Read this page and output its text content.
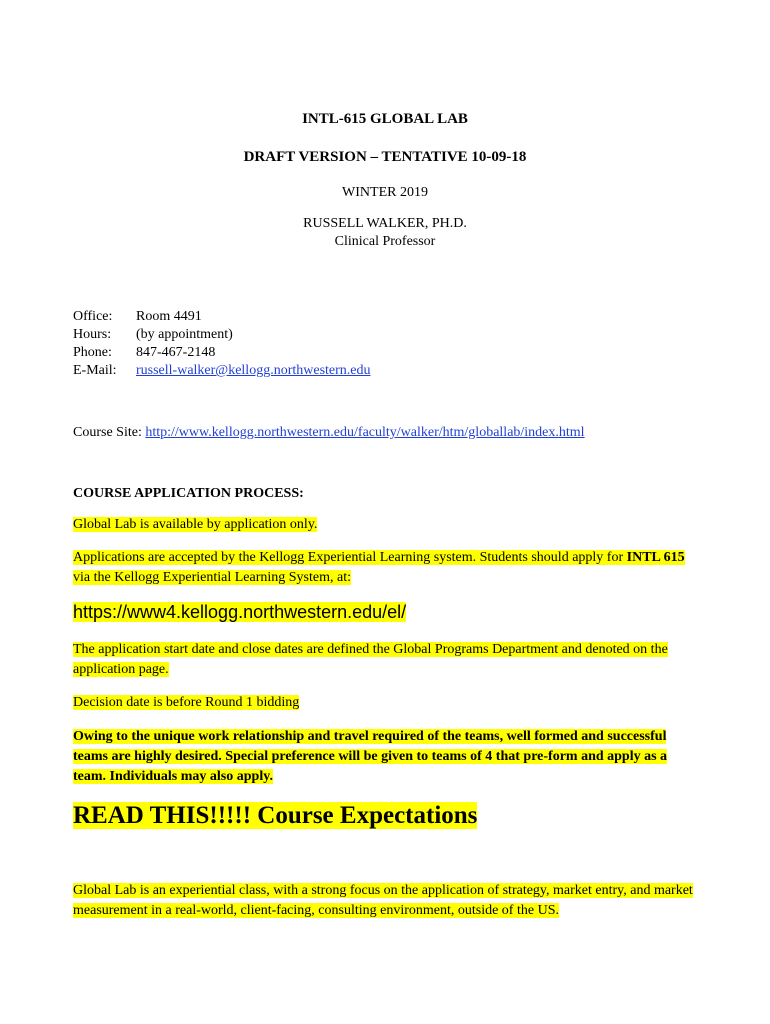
INTL-615 GLOBAL LAB
DRAFT VERSION – TENTATIVE 10-09-18
WINTER 2019
RUSSELL WALKER, PH.D.
Clinical Professor
Office:	Room 4491
Hours:	(by appointment)
Phone:	847-467-2148
E-Mail:	russell-walker@kellogg.northwestern.edu
Course Site: http://www.kellogg.northwestern.edu/faculty/walker/htm/globallab/index.html
COURSE APPLICATION PROCESS:
Global Lab is available by application only.
Applications are accepted by the Kellogg Experiential Learning system. Students should apply for INTL 615 via the Kellogg Experiential Learning System, at:
https://www4.kellogg.northwestern.edu/el/
The application start date and close dates are defined the Global Programs Department and denoted on the application page.
Decision date is before Round 1 bidding
Owing to the unique work relationship and travel required of the teams, well formed and successful teams are highly desired. Special preference will be given to teams of 4 that pre-form and apply as a team. Individuals may also apply.
READ THIS!!!!! Course Expectations
Global Lab is an experiential class, with a strong focus on the application of strategy, market entry, and market measurement in a real-world, client-facing, consulting environment, outside of the US.
